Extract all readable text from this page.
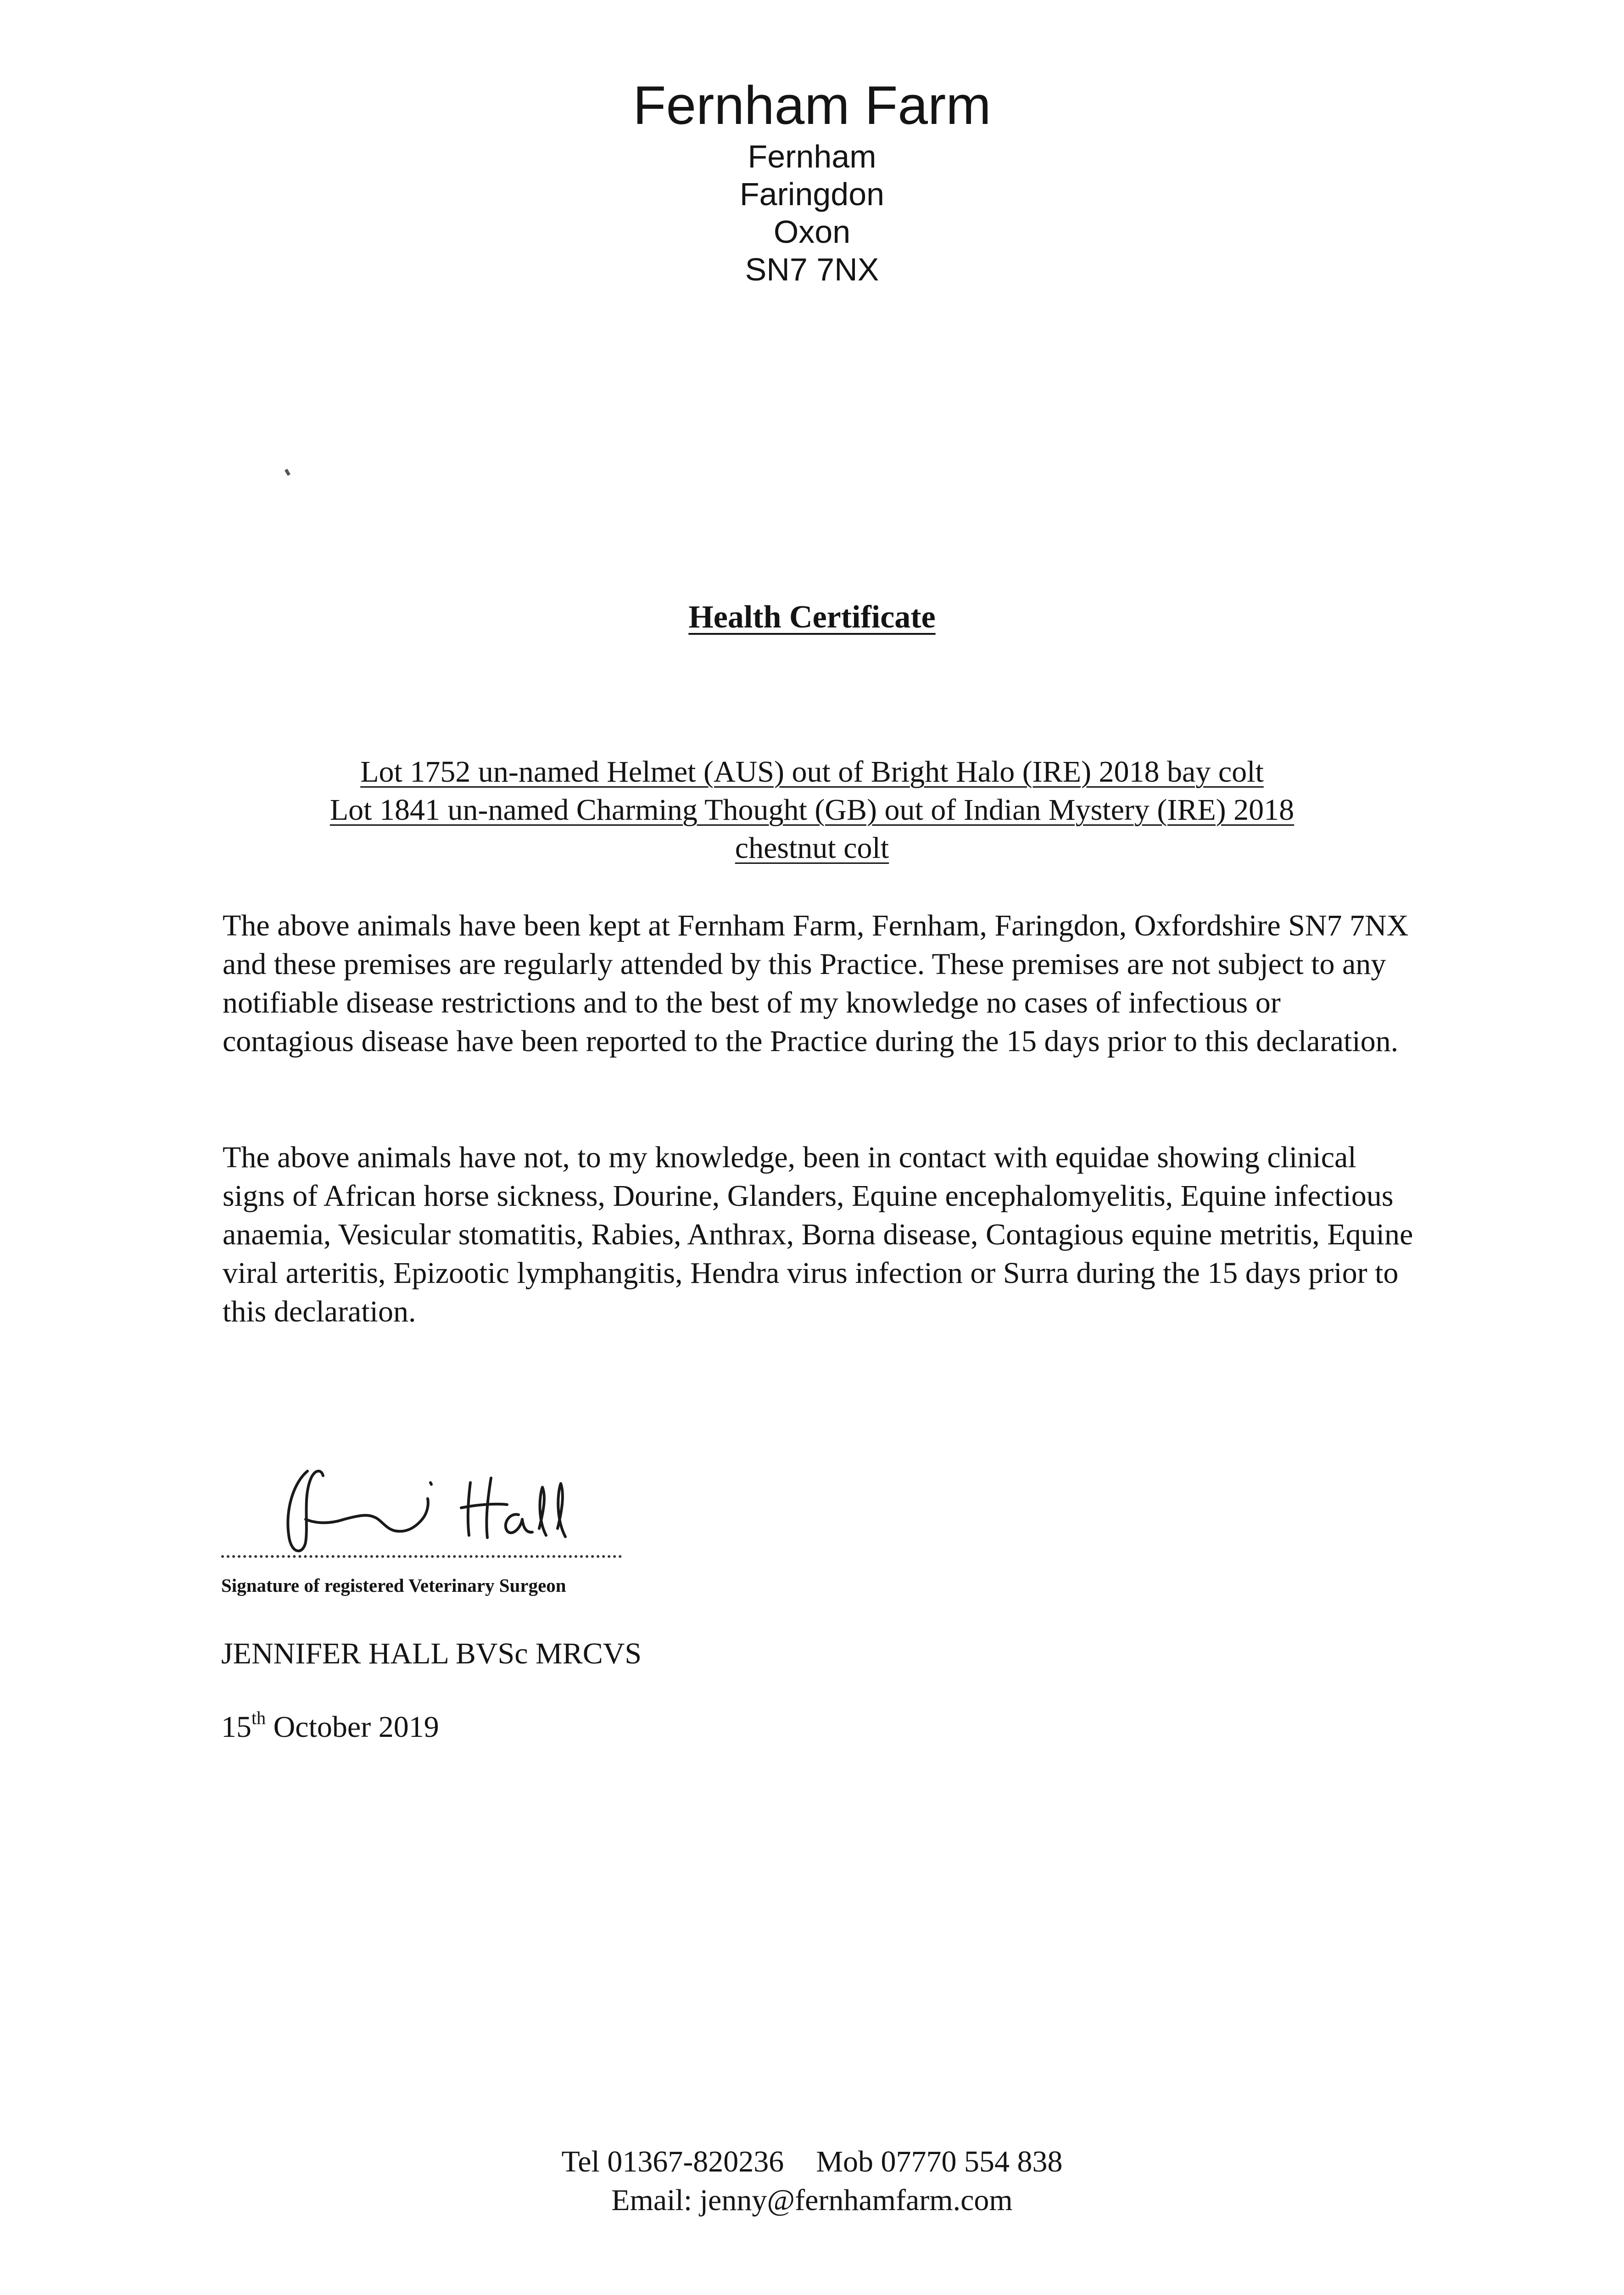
Fernham Farm
Fernham
Faringdon
Oxon
SN7 7NX
Health Certificate
Lot 1752 un-named Helmet (AUS) out of Bright Halo (IRE) 2018 bay colt
Lot 1841 un-named Charming Thought (GB) out of Indian Mystery (IRE) 2018
chestnut colt

The above animals have been kept at Fernham Farm, Fernham, Faringdon, Oxfordshire SN7 7NX and these premises are regularly attended by this Practice. These premises are not subject to any notifiable disease restrictions and to the best of my knowledge no cases of infectious or contagious disease have been reported to the Practice during the 15 days prior to this declaration.

The above animals have not, to my knowledge, been in contact with equidae showing clinical signs of African horse sickness, Dourine, Glanders, Equine encephalomyelitis, Equine infectious anaemia, Vesicular stomatitis, Rabies, Anthrax, Borna disease, Contagious equine metritis, Equine viral arteritis, Epizootic lymphangitis, Hendra virus infection or Surra during the 15 days prior to this declaration.

Signature of registered Veterinary Surgeon
JENNIFER HALL BVSc MRCVS
15th October 2019
Tel 01367-820236 Mob 07770 554 838
Email: jenny@fernhamfarm.com
